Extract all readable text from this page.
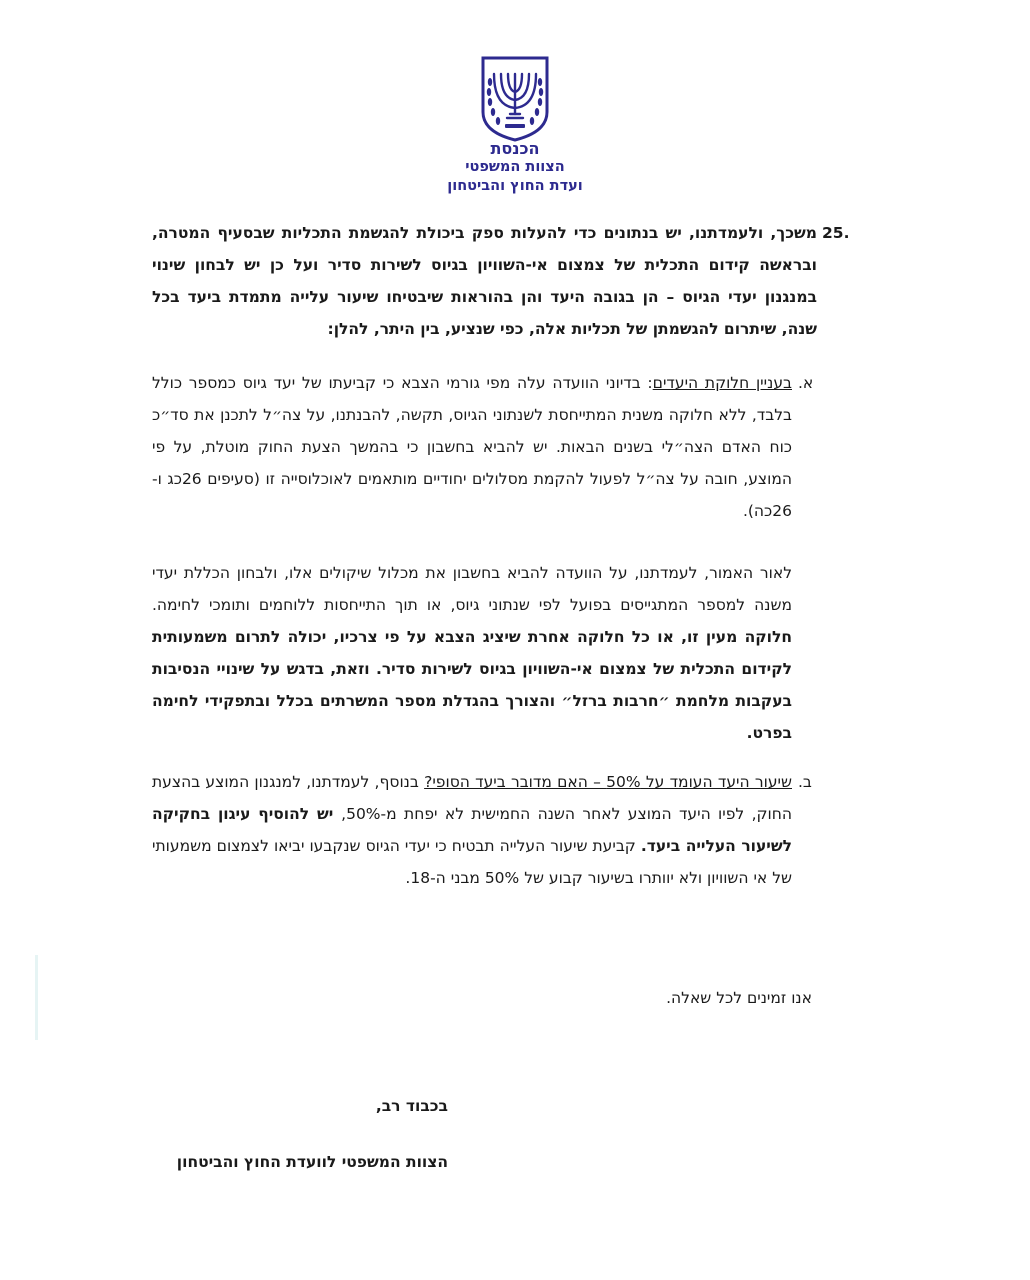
הכנסת
הצוות המשפטי
ועדת החוץ והביטחון
25.

משכך, ולעמדתנו, יש בנתונים כדי להעלות ספק ביכולת להגשמת התכליות שבסעיף המטרה, ובראשה קידום התכלית של צמצום אי-השוויון בגיוס לשירות סדיר ועל כן יש לבחון שינוי במנגנון יעדי הגיוס – הן בגובה היעד והן בהוראות שיבטיחו שיעור עלייה מתמדת ביעד בכל שנה, שיתרום להגשמתן של תכליות אלה, כפי שנציע, בין היתר, להלן:

א.

בעניין חלוקת היעדים: בדיוני הוועדה עלה מפי גורמי הצבא כי קביעתו של יעד גיוס כמספר כולל בלבד, ללא חלוקה משנית המתייחסת לשנתוני הגיוס, תקשה, להבנתנו, על צה״ל לתכנן את סד״כ כוח האדם הצה״לי בשנים הבאות. יש להביא בחשבון כי בהמשך הצעת החוק מוטלת, על פי המוצע, חובה על צה״ל לפעול להקמת מסלולים יחודיים מותאמים לאוכלוסייה זו (סעיפים 26כג ו- 26כה).

לאור האמור, לעמדתנו, על הוועדה להביא בחשבון את מכלול שיקולים אלו, ולבחון הכללת יעדי משנה למספר המתגייסים בפועל לפי שנתוני גיוס, או תוך התייחסות ללוחמים ותומכי לחימה. חלוקה מעין זו, או כל חלוקה אחרת שיציג הצבא על פי צרכיו, יכולה לתרום משמעותית לקידום התכלית של צמצום אי-השוויון בגיוס לשירות סדיר. וזאת, בדגש על שינויי הנסיבות בעקבות מלחמת ״חרבות ברזל״ והצורך בהגדלת מספר המשרתים בכלל ובתפקידי לחימה בפרט.

ב.

שיעור היעד העומד על 50% – האם מדובר ביעד הסופי? בנוסף, לעמדתנו, למנגנון המוצע בהצעת החוק, לפיו היעד המוצע לאחר השנה החמישית לא יפחת מ-50%, יש להוסיף עיגון בחקיקה לשיעור העלייה ביעד. קביעת שיעור העלייה תבטיח כי יעדי הגיוס שנקבעו יביאו לצמצום משמעותי של אי השוויון ולא יוותרו בשיעור קבוע של 50% מבני ה-18.

אנו זמינים לכל שאלה.
בכבוד רב,
הצוות המשפטי לוועדת החוץ והביטחון
